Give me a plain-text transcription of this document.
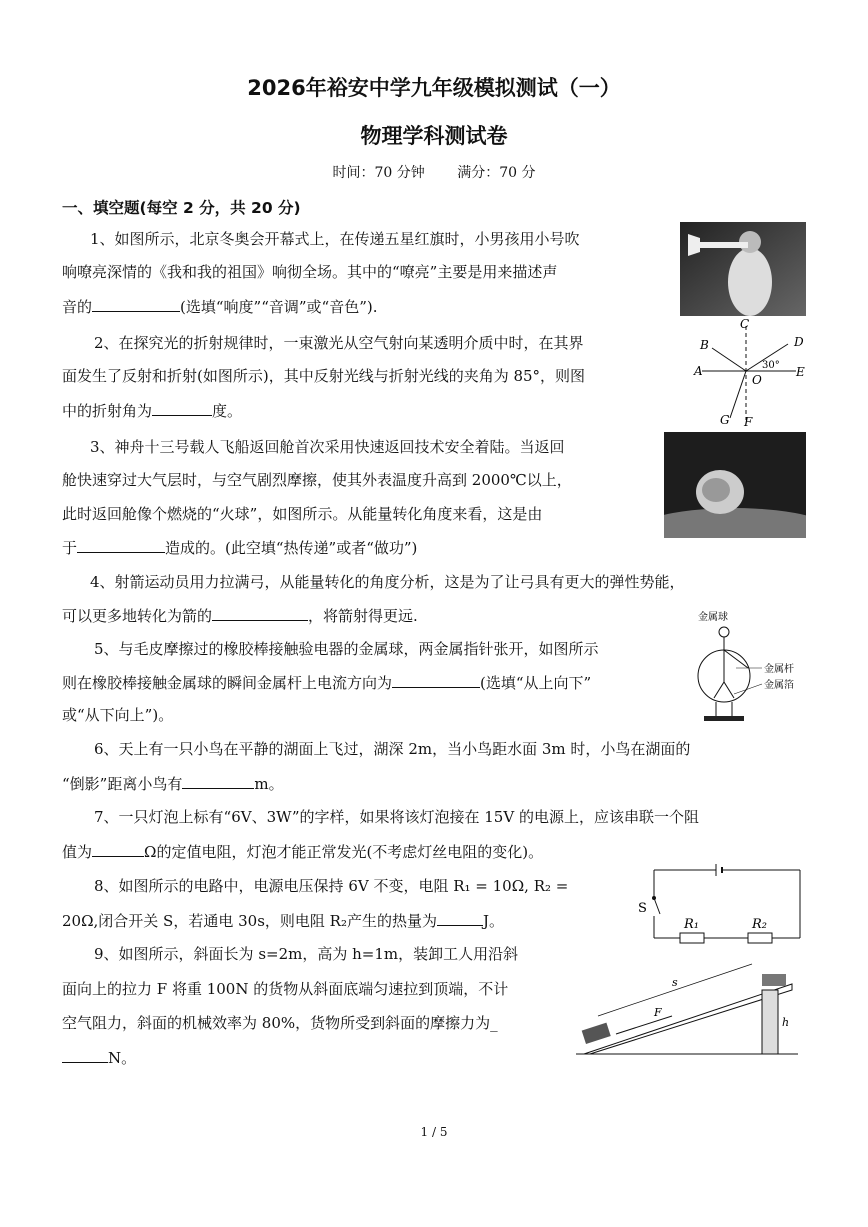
2026年裕安中学九年级模拟测试（一）
物理学科测试卷
时间：70 分钟 满分：70 分
一、填空题(每空 2 分，共 20 分)
1、如图所示，北京冬奥会开幕式上，在传递五星红旗时，小男孩用小号吹
响嘹亮深情的《我和我的祖国》响彻全场。其中的“嘹亮”主要是用来描述声
音的	(选填“响度”“音调”或“音色”).
2、在探究光的折射规律时，一束激光从空气射向某透明介质中时，在其界
面发生了反射和折射(如图所示)，其中反射光线与折射光线的夹角为 85°，则图
中的折射角为	度。
B
C
D
A
O
E
G F
30°
3、神舟十三号载人飞船返回舱首次采用快速返回技术安全着陆。当返回
舱快速穿过大气层时，与空气剧烈摩擦，使其外表温度升高到 2000℃以上，
此时返回舱像个燃烧的“火球”，如图所示。从能量转化角度来看，这是由
于	造成的。(此空填“热传递”或者“做功”)
4、射箭运动员用力拉满弓，从能量转化的角度分析，这是为了让弓具有更大的弹性势能，
可以更多地转化为箭的	，将箭射得更远.
5、与毛皮摩擦过的橡胶棒接触验电器的金属球，两金属指针张开，如图所示
则在橡胶棒接触金属球的瞬间金属杆上电流方向为	(选填“从上向下”
或“从下向上”)。
金属球
金属杆
金属箔
6、天上有一只小鸟在平静的湖面上飞过，湖深 2m，当小鸟距水面 3m 时，小鸟在湖面的
“倒影”距离小鸟有	m。
7、一只灯泡上标有“6V、3W”的字样，如果将该灯泡接在 15V 的电源上，应该串联一个阻
值为	Ω的定值电阻，灯泡才能正常发光(不考虑灯丝电阻的变化)。
8、如图所示的电路中，电源电压保持 6V 不变，电阻 R₁ = 10Ω, R₂ =
20Ω,闭合开关 S，若通电 30s，则电阻 R₂产生的热量为	J。
S
R₁	R₂
9、如图所示，斜面长为 s=2m，高为 h=1m，装卸工人用沿斜
面向上的拉力 F 将重 100N 的货物从斜面底端匀速拉到顶端，不计
空气阻力，斜面的机械效率为 80%，货物所受到斜面的摩擦力为_
N。
s
F
h
1 / 5
